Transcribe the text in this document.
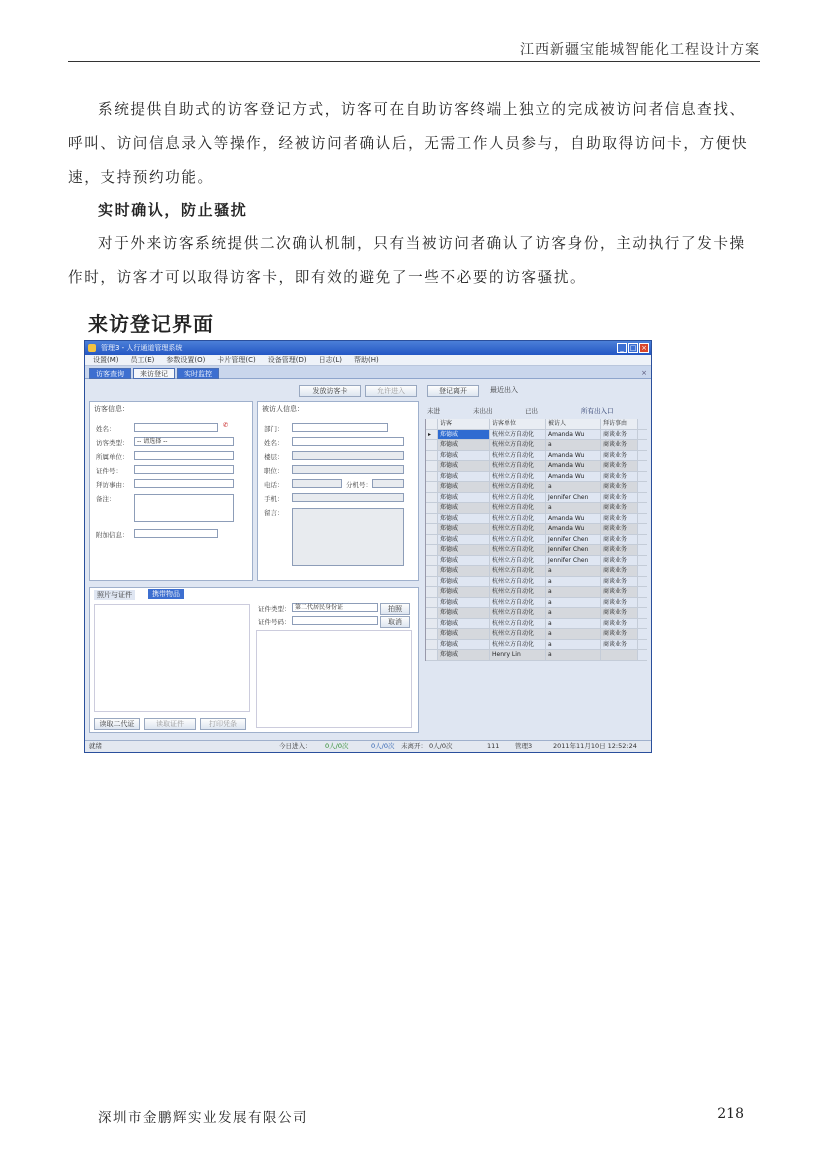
江西新疆宝能城智能化工程设计方案
系统提供自助式的访客登记方式，访客可在自助访客终端上独立的完成被访问者信息查找、呼叫、访问信息录入等操作，经被访问者确认后，无需工作人员参与，自助取得访问卡，方便快速，支持预约功能。
实时确认，防止骚扰
对于外来访客系统提供二次确认机制，只有当被访问者确认了访客身份，主动执行了发卡操作时，访客才可以取得访客卡，即有效的避免了一些不必要的访客骚扰。
来访登记界面
管理3 - 人行通道管理系统	_ □ ×
设置(M) 员工(E) 参数设置(O) 卡片管理(C) 设备管理(D) 日志(L) 帮助(H)
访客查询	来访登记	实时监控	×
发放访客卡	允许进入	登记离开	最近出入
访客信息：
姓名：	✆
访客类型：	-- 请选择 --
所属单位：
证件号：
拜访事由：
备注：
附加信息：
被访人信息：
部门：
姓名：
楼层：
职位：
电话：	分机号：
手机：
留言：
照片与证件	携带物品
读取二代证	读取证件	打印凭条
证件类型： 第二代居民身份证	拍照
证件号码：	取消
未进	未出出	已出	所有出入口
访客	访客单位	被访人	拜访事由
▸	郑德威	杭州立方自动化	Amanda Wu	商谈业务
郑德威	杭州立方自动化	a	商谈业务
郑德威	杭州立方自动化	Amanda Wu	商谈业务
郑德威	杭州立方自动化	Amanda Wu	商谈业务
郑德威	杭州立方自动化	Amanda Wu	商谈业务
郑德威	杭州立方自动化	a	商谈业务
郑德威	杭州立方自动化	Jennifer Chen	商谈业务
郑德威	杭州立方自动化	a	商谈业务
郑德威	杭州立方自动化	Amanda Wu	商谈业务
郑德威	杭州立方自动化	Amanda Wu	商谈业务
郑德威	杭州立方自动化	Jennifer Chen	商谈业务
郑德威	杭州立方自动化	Jennifer Chen	商谈业务
郑德威	杭州立方自动化	Jennifer Chen	商谈业务
郑德威	杭州立方自动化	a	商谈业务
郑德威	杭州立方自动化	a	商谈业务
郑德威	杭州立方自动化	a	商谈业务
郑德威	杭州立方自动化	a	商谈业务
郑德威	杭州立方自动化	a	商谈业务
郑德威	杭州立方自动化	a	商谈业务
郑德威	杭州立方自动化	a	商谈业务
郑德威	杭州立方自动化	a	商谈业务
郑德威	Henry Lin	a
就绪	今日进入： 0人/0次	0人/0次 未离开： 0人/0次	111 管理3	2011年11月10日 12:52:24
深圳市金鹏辉实业发展有限公司	218
